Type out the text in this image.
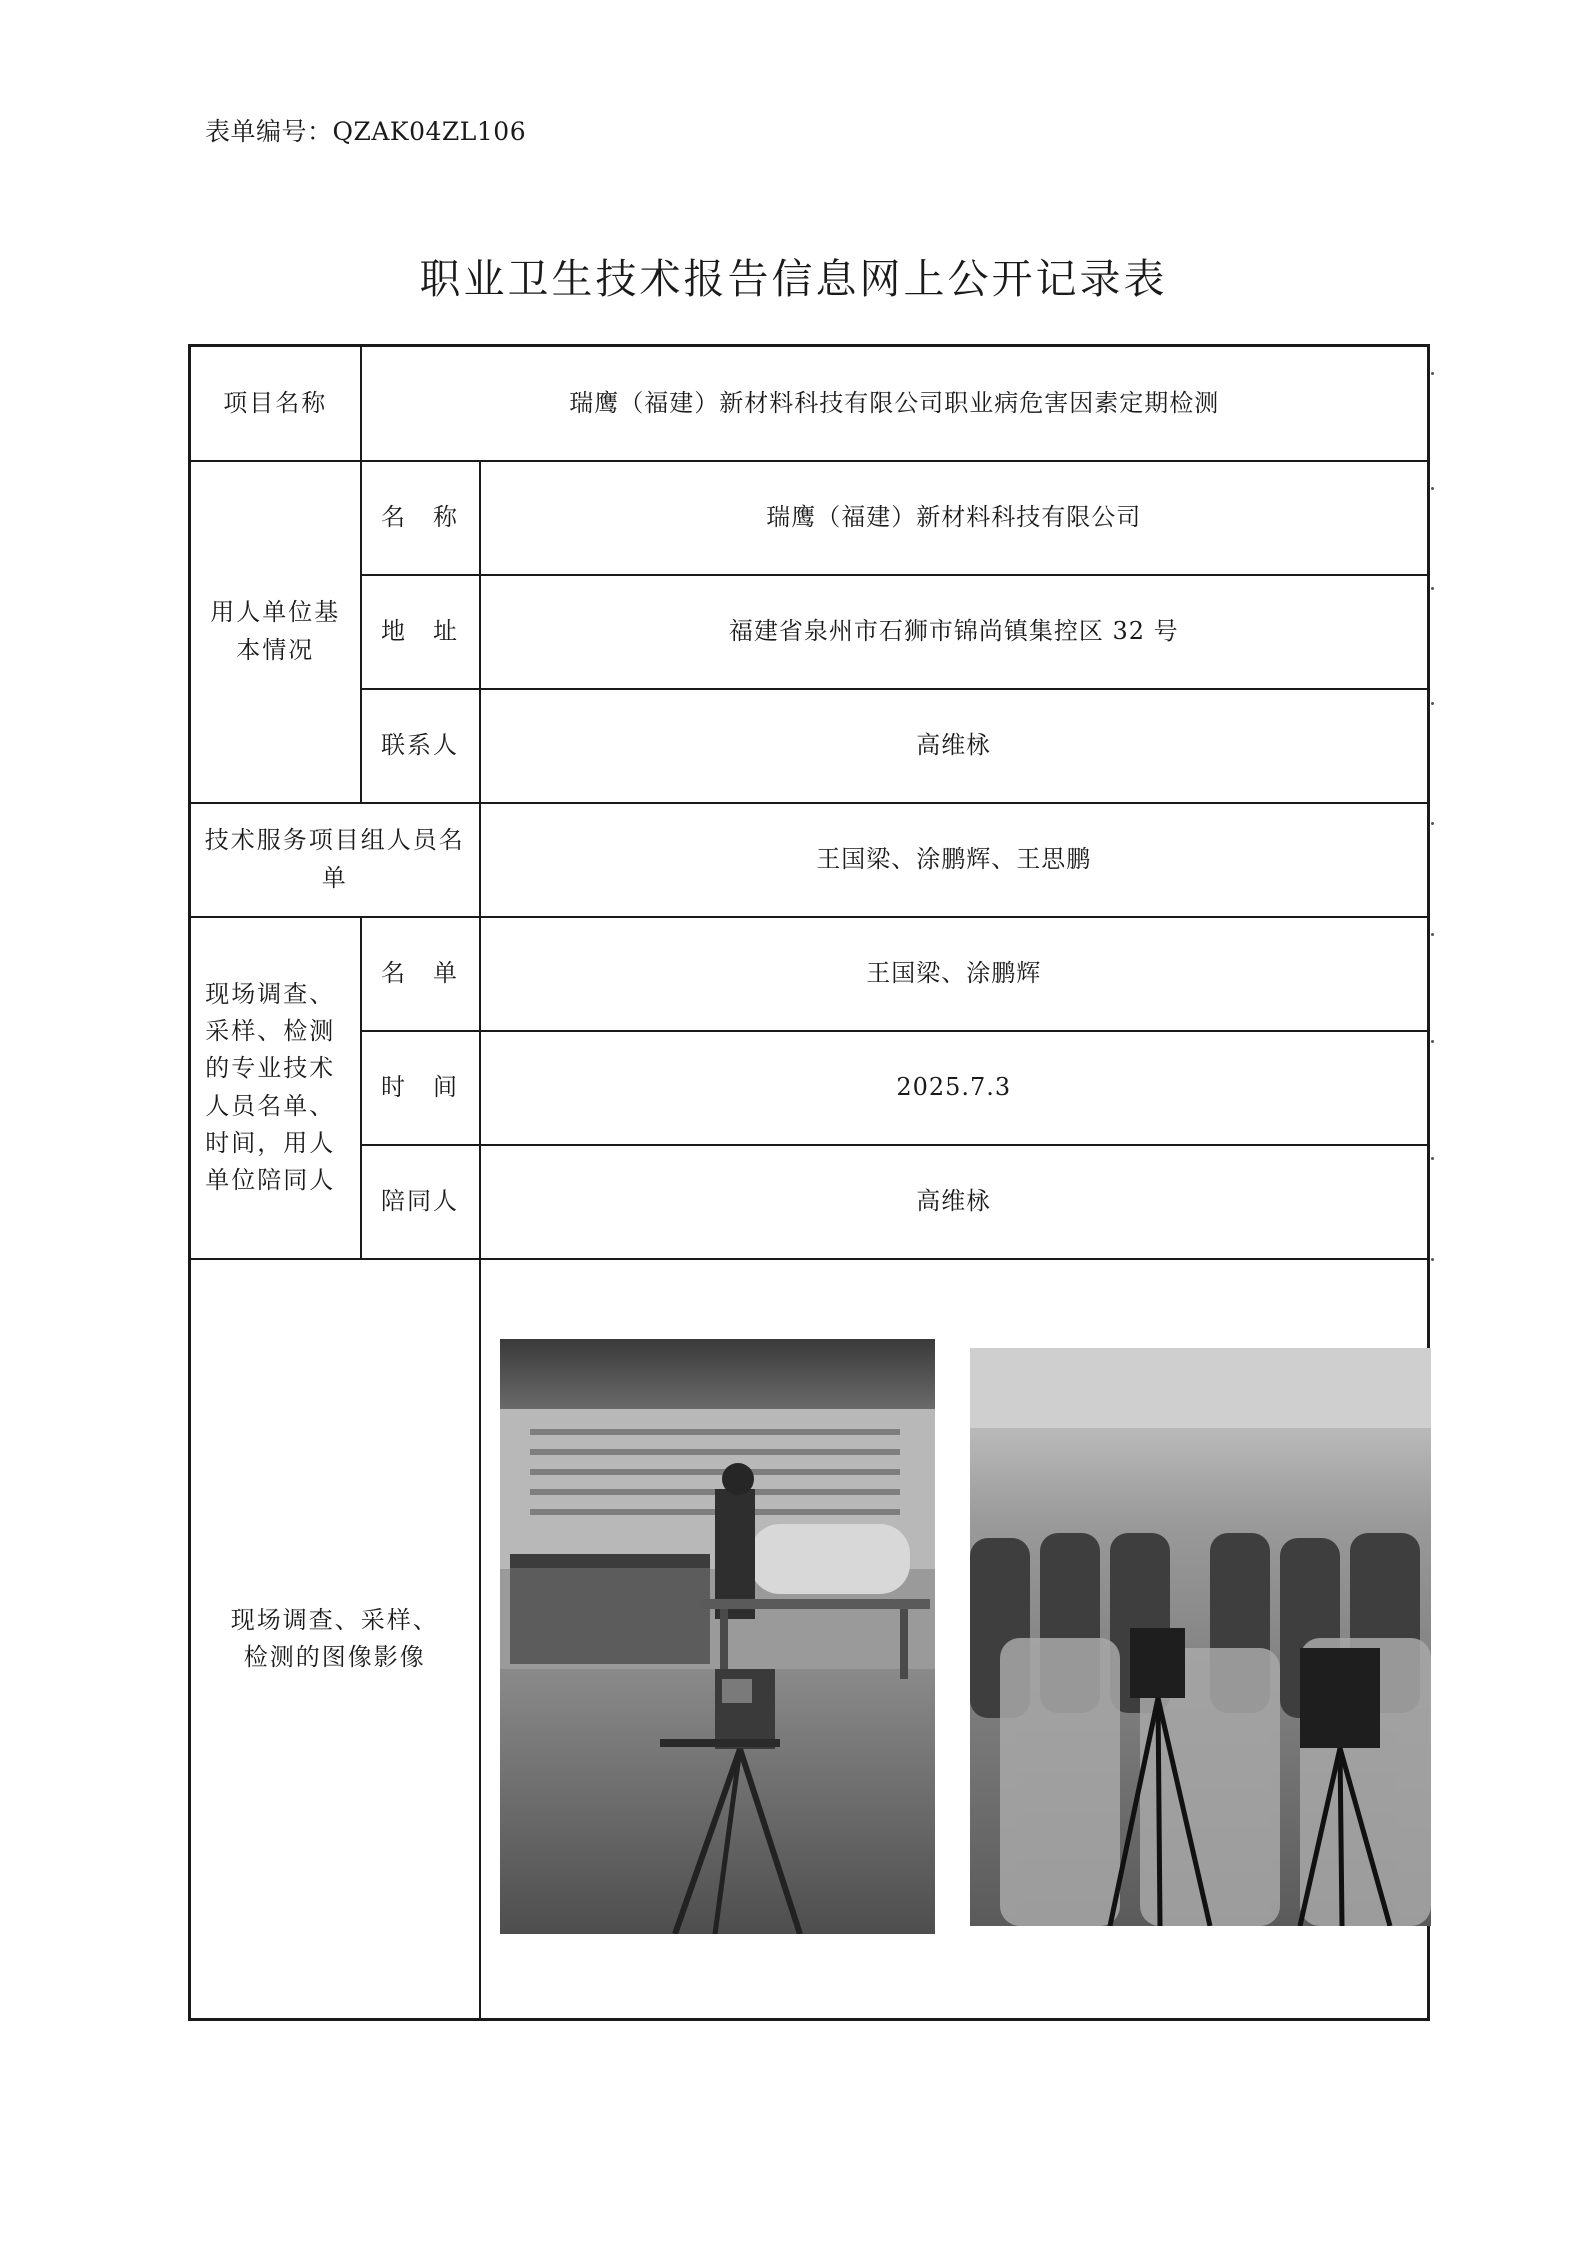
表单编号：QZAK04ZL106
职业卫生技术报告信息网上公开记录表
项目名称	瑞鹰（福建）新材料科技有限公司职业病危害因素定期检测	
用人单位基本情况	名　称	瑞鹰（福建）新材料科技有限公司
	地　址	福建省泉州市石狮市锦尚镇集控区 32 号
	联系人	高维栐
技术服务项目组人员名单		王国梁、涂鹏辉、王思鹏
现场调查、采样、检测的专业技术人员名单、时间，用人单位陪同人	名　单	王国梁、涂鹏辉
	时　间	2025.7.3
	陪同人	高维栐
现场调查、采样、检测的图像影像	
